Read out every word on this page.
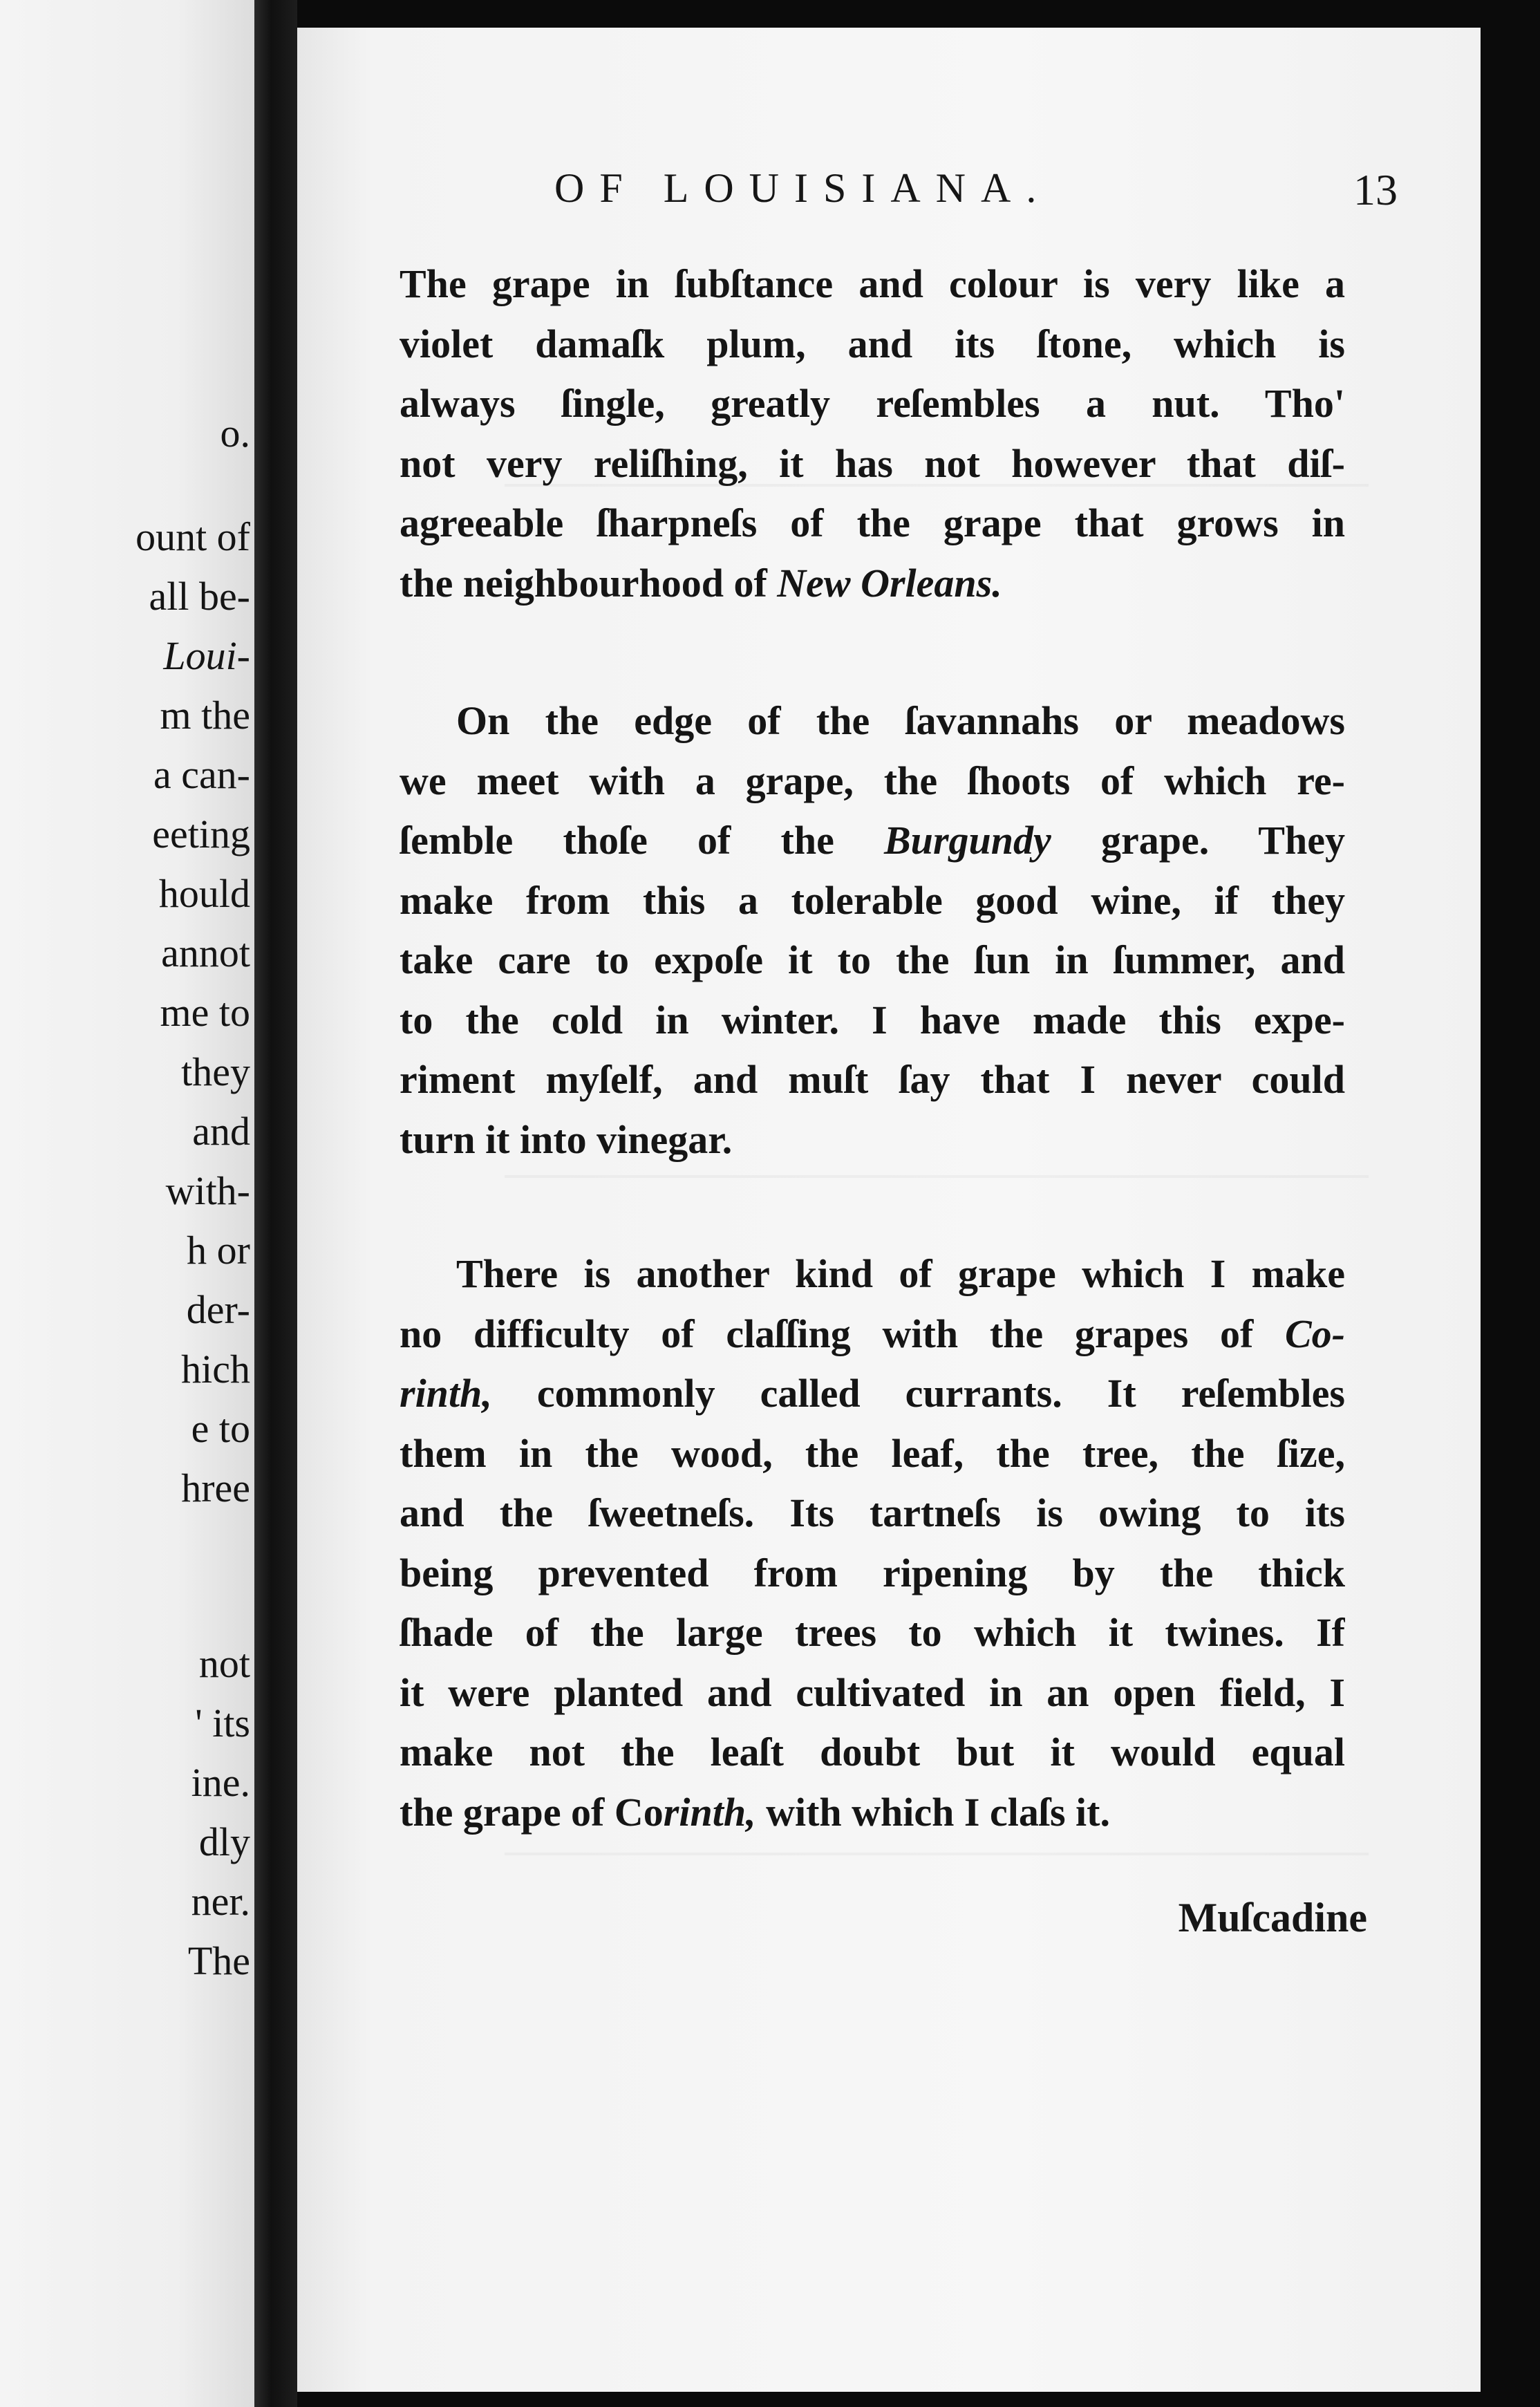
o.
ount of
all be-
Loui-
m the
a can-
eeting
hould
annot
me to
they
and
with-
h or
der-
hich
e to
hree
not
' its
ine.
dly
ner.
The
OF LOUISIANA.	13
The grape in ſubſtance and colour is very like a
violet damaſk plum, and its ſtone, which is
always ſingle, greatly reſembles a nut. Tho'
not very reliſhing, it has not however that diſ-
agreeable ſharpneſs of the grape that grows in
the neighbourhood of New Orleans.
On the edge of the ſavannahs or meadows
we meet with a grape, the ſhoots of which re-
ſemble thoſe of the Burgundy grape. They
make from this a tolerable good wine, if they
take care to expoſe it to the ſun in ſummer, and
to the cold in winter. I have made this expe-
riment myſelf, and muſt ſay that I never could
turn it into vinegar.
There is another kind of grape which I make
no difficulty of claſſing with the grapes of Co-
rinth, commonly called currants. It reſembles
them in the wood, the leaf, the tree, the ſize,
and the ſweetneſs. Its tartneſs is owing to its
being prevented from ripening by the thick
ſhade of the large trees to which it twines. If
it were planted and cultivated in an open field, I
make not the leaſt doubt but it would equal
the grape of Corinth, with which I claſs it.
Muſcadine
